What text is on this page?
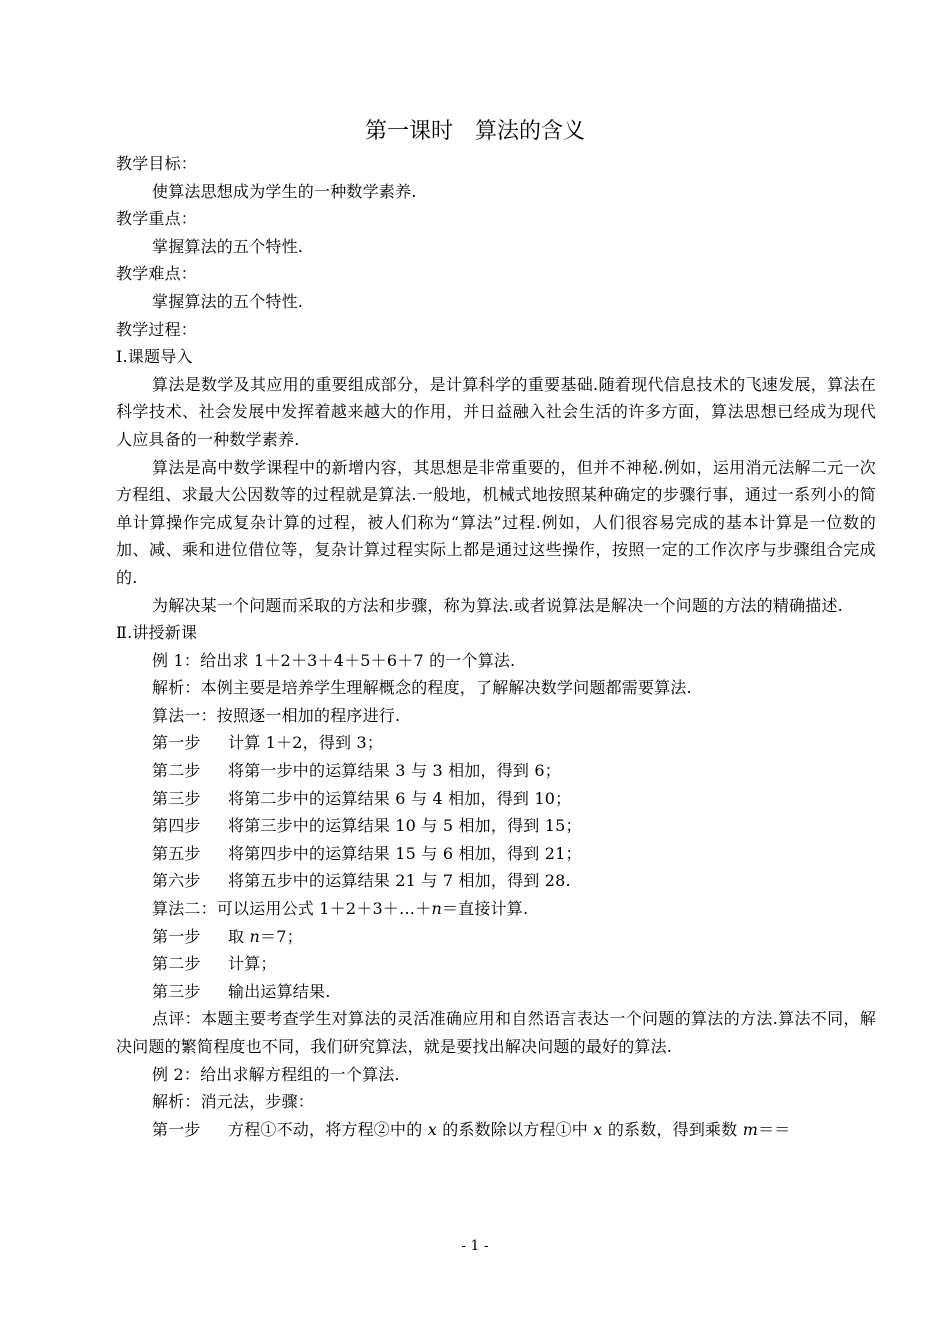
第一课时　算法的含义
教学目标：
使算法思想成为学生的一种数学素养.
教学重点：
掌握算法的五个特性.
教学难点：
掌握算法的五个特性.
教学过程：
Ⅰ.课题导入

算法是数学及其应用的重要组成部分，是计算科学的重要基础.随着现代信息技术的飞速发展，算法在科学技术、社会发展中发挥着越来越大的作用，并日益融入社会生活的许多方面，算法思想已经成为现代人应具备的一种数学素养.

算法是高中数学课程中的新增内容，其思想是非常重要的，但并不神秘.例如，运用消元法解二元一次方程组、求最大公因数等的过程就是算法.一般地，机械式地按照某种确定的步骤行事，通过一系列小的简单计算操作完成复杂计算的过程，被人们称为“算法”过程.例如，人们很容易完成的基本计算是一位数的加、减、乘和进位借位等，复杂计算过程实际上都是通过这些操作，按照一定的工作次序与步骤组合完成的.

为解决某一个问题而采取的方法和步骤，称为算法.或者说算法是解决一个问题的方法的精确描述.

Ⅱ.讲授新课
例 1：给出求 1＋2＋3＋4＋5＋6＋7 的一个算法.
解析：本例主要是培养学生理解概念的程度，了解解决数学问题都需要算法.
算法一：按照逐一相加的程序进行.
第一步 计算 1＋2，得到 3；
第二步 将第一步中的运算结果 3 与 3 相加，得到 6；
第三步 将第二步中的运算结果 6 与 4 相加，得到 10；
第四步 将第三步中的运算结果 10 与 5 相加，得到 15；
第五步 将第四步中的运算结果 15 与 6 相加，得到 21；
第六步 将第五步中的运算结果 21 与 7 相加，得到 28.
算法二：可以运用公式 1＋2＋3＋…＋n＝直接计算.
第一步 取 n＝7；
第二步 计算；
第三步 输出运算结果.

点评：本题主要考查学生对算法的灵活准确应用和自然语言表达一个问题的算法的方法.算法不同，解决问题的繁简程度也不同，我们研究算法，就是要找出解决问题的最好的算法.

例 2：给出求解方程组的一个算法.
解析：消元法，步骤：
第一步 方程①不动，将方程②中的 x 的系数除以方程①中 x 的系数，得到乘数 m＝＝
- 1 -
